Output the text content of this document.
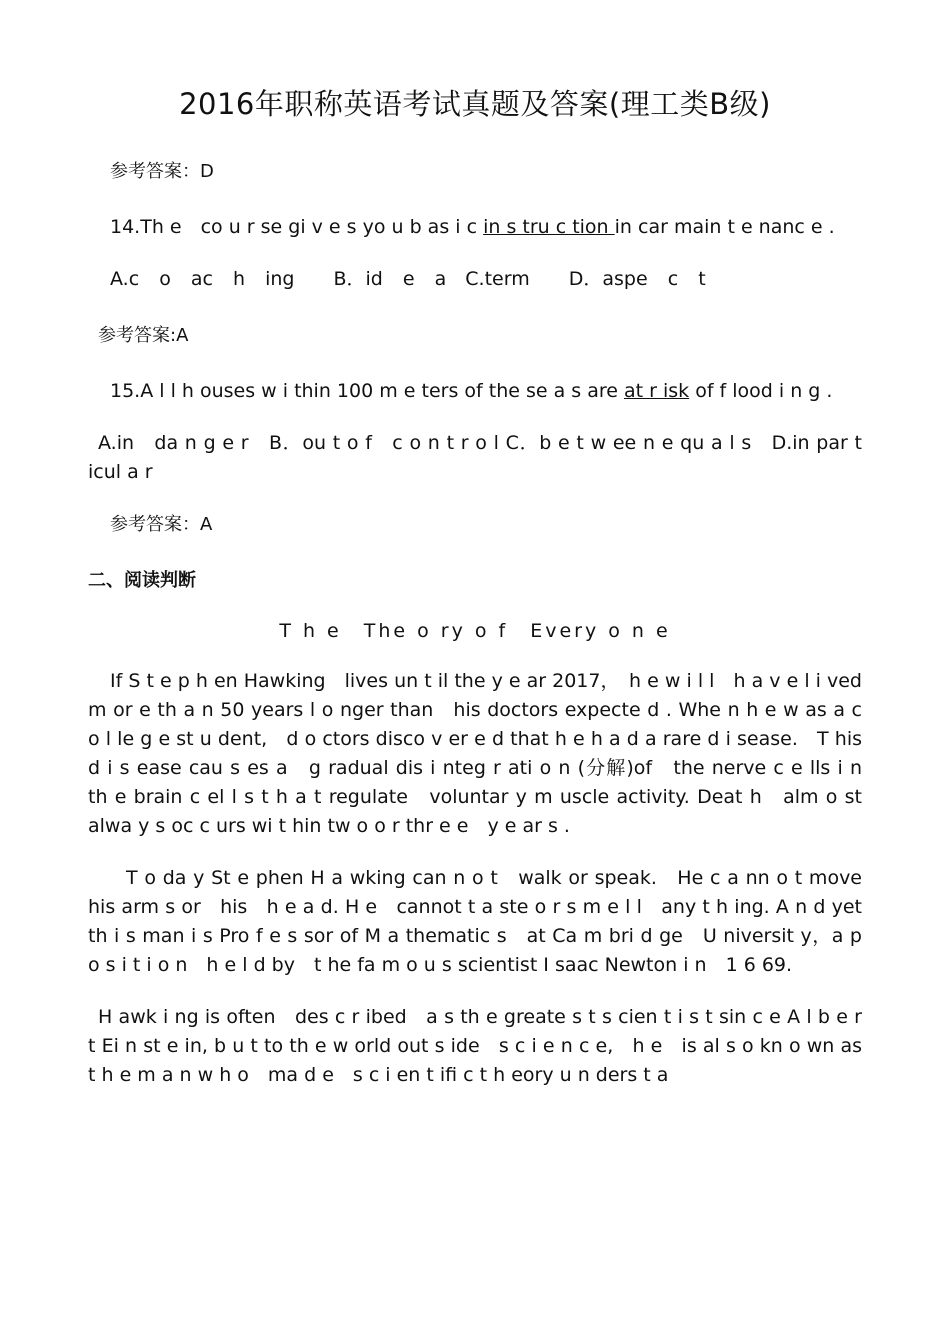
2016年职称英语考试真题及答案(理工类B级)
参考答案：D
14.Th e　co u r se gi v e s yo u b as i c in s tru c tion in car main t e nanc e .
A.c o ac h ing　 B．id e a　C.term　 D．aspe c t
参考答案:A
15.A l l h ouses w i thin 100 m e ters of the se a s are at r isk of f lood i n g .
A.in　da n g e r　B．ou t o f　c o n t r o l C．b e t w ee n e qu a l s　D.in par t icul a r
参考答案：A
二、阅读判断
T h e　The o ry o f　Every o n e
If S t e p h en Hawking　lives un t il the y e ar 2017，　h e w i l l　h a v e l i ved m or e th a n 50 years l o nger than　his doctors expecte d . Whe n h e w as a c o l le g e st u dent,　d o ctors disco v er e d that h e h a d a rare d i sease.　T his d i s ease cau s es a　g radual dis i nteg r ati o n (分解)of　the nerve c e lls i n　th e brain c el l s t h a t regulate　voluntar y m uscle activity. Deat h　alm o st alwa y s oc c urs wi t hin tw o o r thr e e　y e ar s .
T o da y St e phen H a wking can n o t　walk or speak.　He c a nn o t move his arm s or　his　h e a d. H e　cannot t a ste o r s m e l l　any t h ing. A n d yet th i s man i s Pro f e s sor of M a thematic s　at Ca m bri d ge　U niversit y，a p o s i t i o n　h e l d by　t he fa m o u s scientist I saac Newton i n　1 6 69.
H awk i ng is often　des c r ibed　a s th e greate s t s cien t i s t sin c e A l b e r t Ei n st e in, b u t to th e w orld out s ide　s c i e n c e,　h e　is al s o kn o wn as t h e m a n w h o　ma d e　s c i en t ifi c t h eory u n ders t a
